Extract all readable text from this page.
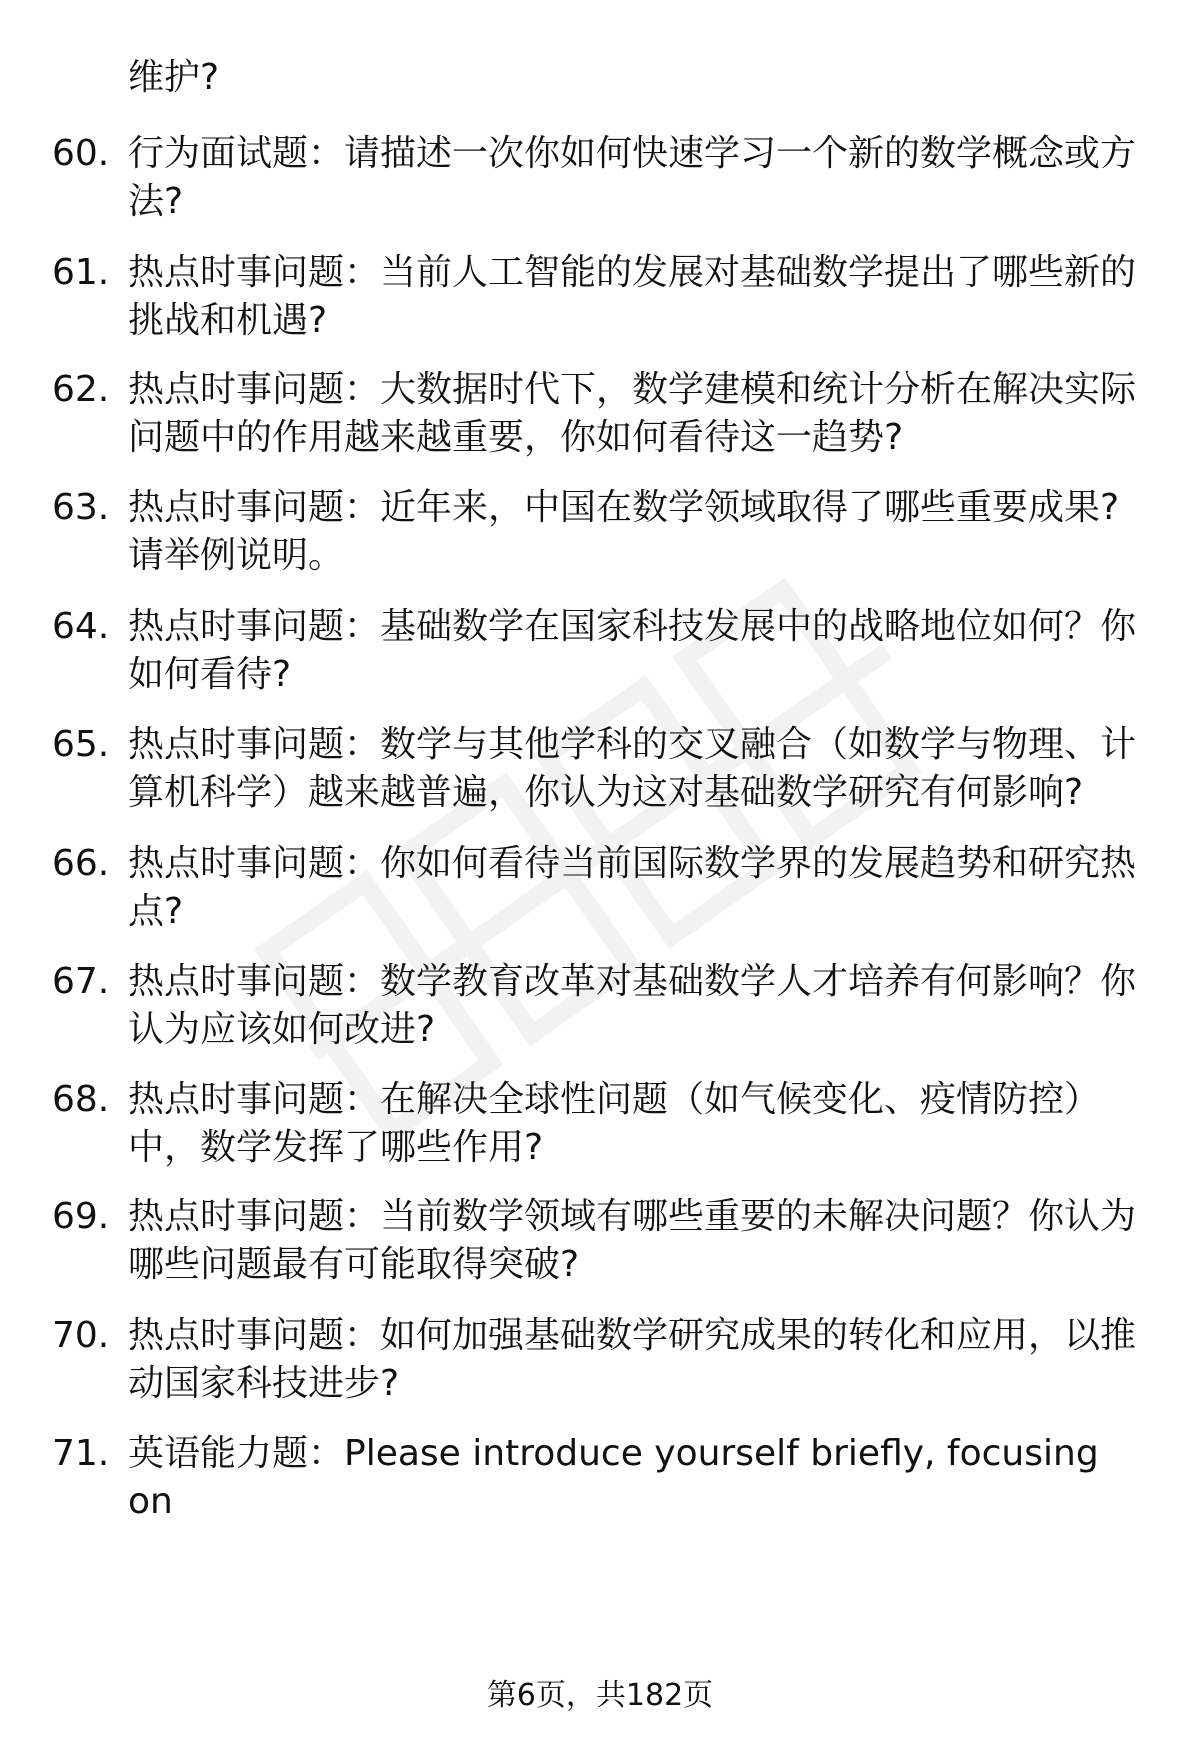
维护?
60. 行为面试题：请描述一次你如何快速学习一个新的数学概念或方
法?
61. 热点时事问题：当前人工智能的发展对基础数学提出了哪些新的
挑战和机遇?
62. 热点时事问题：大数据时代下，数学建模和统计分析在解决实际
问题中的作用越来越重要，你如何看待这一趋势?
63. 热点时事问题：近年来，中国在数学领域取得了哪些重要成果?
请举例说明。
64. 热点时事问题：基础数学在国家科技发展中的战略地位如何？你
如何看待?
65. 热点时事问题：数学与其他学科的交叉融合（如数学与物理、计
算机科学）越来越普遍，你认为这对基础数学研究有何影响?
66. 热点时事问题：你如何看待当前国际数学界的发展趋势和研究热
点?
67. 热点时事问题：数学教育改革对基础数学人才培养有何影响？你
认为应该如何改进?
68. 热点时事问题：在解决全球性问题（如气候变化、疫情防控）
中，数学发挥了哪些作用?
69. 热点时事问题：当前数学领域有哪些重要的未解决问题？你认为
哪些问题最有可能取得突破?
70. 热点时事问题：如何加强基础数学研究成果的转化和应用，以推
动国家科技进步?
71. 英语能力题：Please introduce yourself briefly, focusing on
第6页，共182页
